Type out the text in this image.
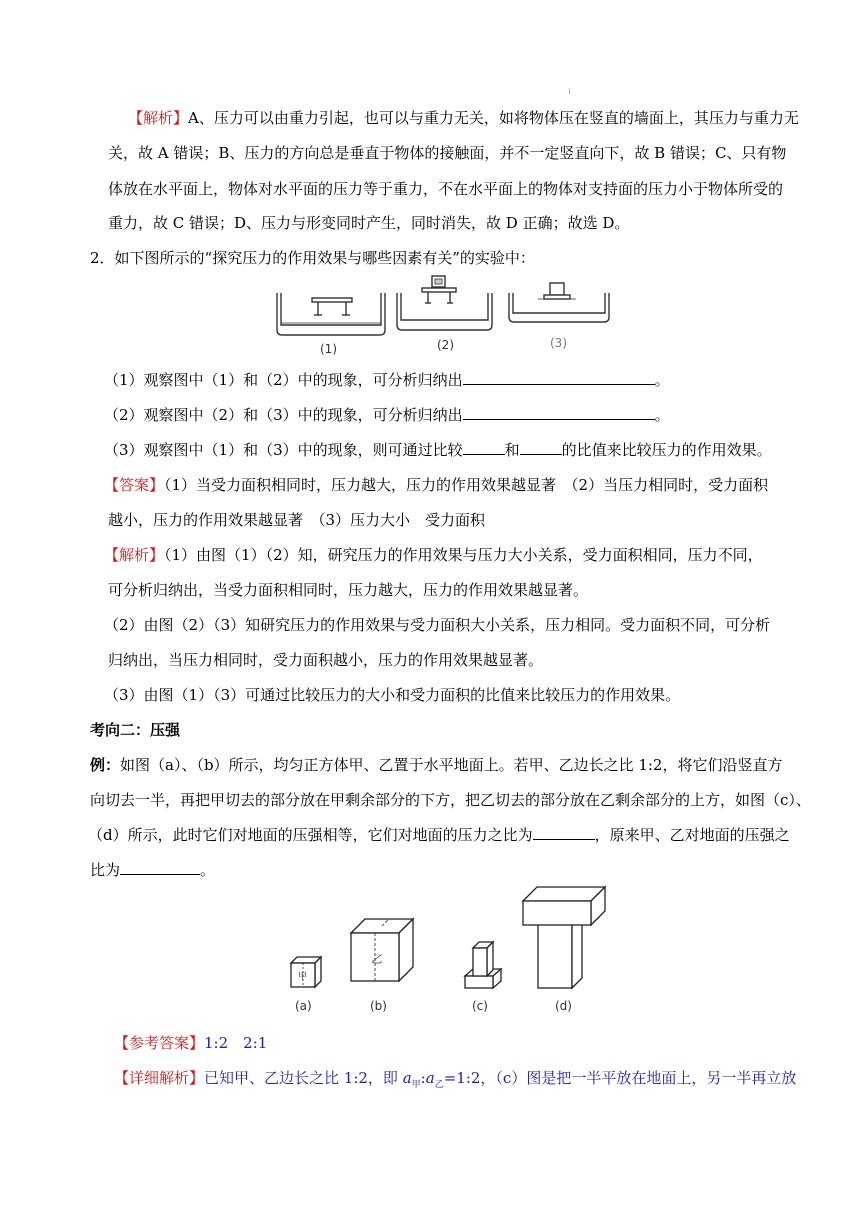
I
【解析】A、压力可以由重力引起，也可以与重力无关，如将物体压在竖直的墙面上，其压力与重力无
关，故 A 错误；B、压力的方向总是垂直于物体的接触面，并不一定竖直向下，故 B 错误；C、只有物
体放在水平面上，物体对水平面的压力等于重力，不在水平面上的物体对支持面的压力小于物体所受的
重力，故 C 错误；D、压力与形变同时产生，同时消失，故 D 正确；故选 D。
2．如下图所示的“探究压力的作用效果与哪些因素有关”的实验中：
(1)	(2)	(3)
（1）观察图中（1）和（2）中的现象，可分析归纳出	。
（2）观察图中（2）和（3）中的现象，可分析归纳出	。
（3）观察图中（1）和（3）中的现象，则可通过比较	和	的比值来比较压力的作用效果。
【答案】（1）当受力面积相同时，压力越大，压力的作用效果越显著　（2）当压力相同时，受力面积
越小，压力的作用效果越显著　（3）压力大小　受力面积
【解析】（1）由图（1）（2）知，研究压力的作用效果与压力大小关系，受力面积相同，压力不同，
可分析归纳出，当受力面积相同时，压力越大，压力的作用效果越显著。
（2）由图（2）（3）知研究压力的作用效果与受力面积大小关系，压力相同。受力面积不同，可分析
归纳出，当压力相同时，受力面积越小，压力的作用效果越显著。
（3）由图（1）（3）可通过比较压力的大小和受力面积的比值来比较压力的作用效果。
考向二：压强
例：如图（a）、（b）所示，均匀正方体甲、乙置于水平地面上。若甲、乙边长之比 1:2，将它们沿竖直方
向切去一半，再把甲切去的部分放在甲剩余部分的下方，把乙切去的部分放在乙剩余部分的上方，如图（c）、
（d）所示，此时它们对地面的压强相等，它们对地面的压力之比为	，原来甲、乙对地面的压强之
比为	。
甲
乙
(a)	(b)	(c)	(d)
【参考答案】1:2　2:1
【详细解析】已知甲、乙边长之比 1:2，即 $a_甲:a_乙=1:2$，（c）图是把一半平放在地面上，另一半再立放
